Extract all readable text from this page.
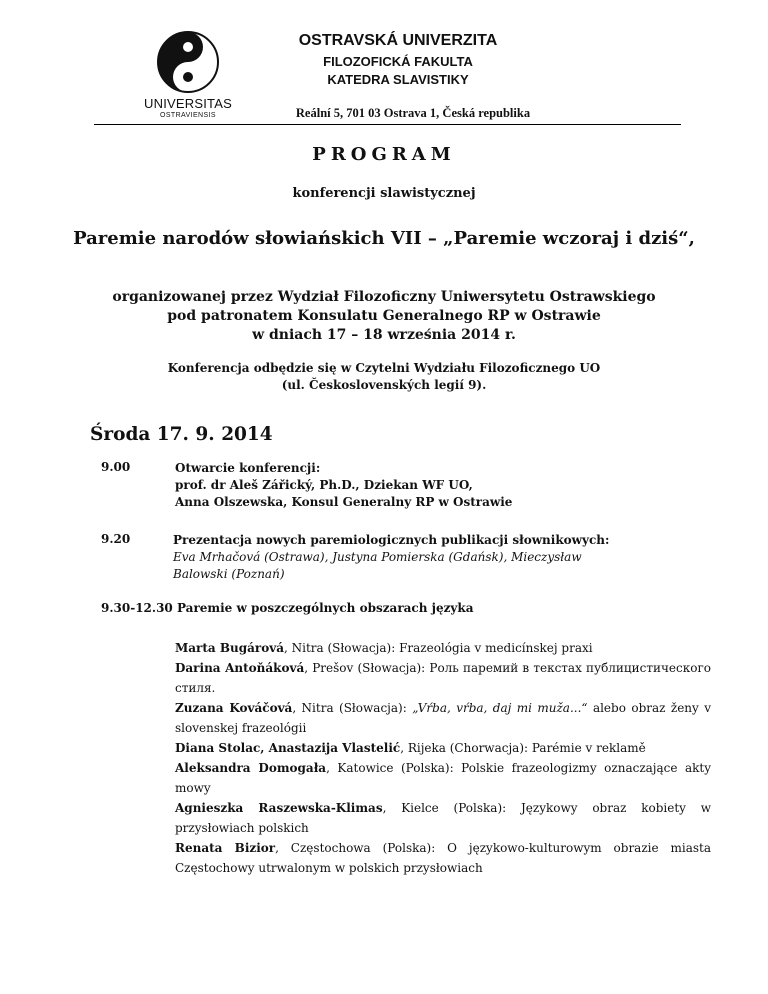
UNIVERSITAS
OSTRAVIENSIS
OSTRAVSKÁ UNIVERZITA
FILOZOFICKÁ FAKULTA
KATEDRA SLAVISTIKY
Reální 5, 701 03 Ostrava 1, Česká republika
PROGRAM
konferencji slawistycznej
Paremie narodów słowiańskich VII – „Paremie wczoraj i dziś“,
organizowanej przez Wydział Filozoficzny Uniwersytetu Ostrawskiego
pod patronatem Konsulatu Generalnego RP w Ostrawie
w dniach 17 – 18 września 2014 r.
Konferencja odbędzie się w Czytelni Wydziału Filozoficznego UO
(ul. Československých legií 9).
Środa 17. 9. 2014
9.00	Otwarcie konferencji:
prof. dr Aleš Zářický, Ph.D., Dziekan WF UO,
Anna Olszewska, Konsul Generalny RP w Ostrawie
9.20	Prezentacja nowych paremiologicznych publikacji słownikowych:
Eva Mrhačová (Ostrawa), Justyna Pomierska (Gdańsk), Mieczysław
Balowski (Poznań)
9.30-12.30 Paremie w poszczególnych obszarach języka

Marta Bugárová, Nitra (Słowacja): Frazeológia v medicínskej praxi

Darina Antoňáková, Prešov (Słowacja): Роль паремий в текстах публицистического стиля.

Zuzana Kováčová, Nitra (Słowacja): „Vŕba, vŕba, daj mi muža...“ alebo obraz ženy v slovenskej frazeológii

Diana Stolac, Anastazija Vlastelić, Rijeka (Chorwacja): Parémie v reklamě

Aleksandra Domogała, Katowice (Polska): Polskie frazeologizmy oznaczające akty mowy

Agnieszka Raszewska-Klimas, Kielce (Polska): Językowy obraz kobiety w przysłowiach polskich

Renata Bizior, Częstochowa (Polska): O językowo-kulturowym obrazie miasta Częstochowy utrwalonym w polskich przysłowiach
